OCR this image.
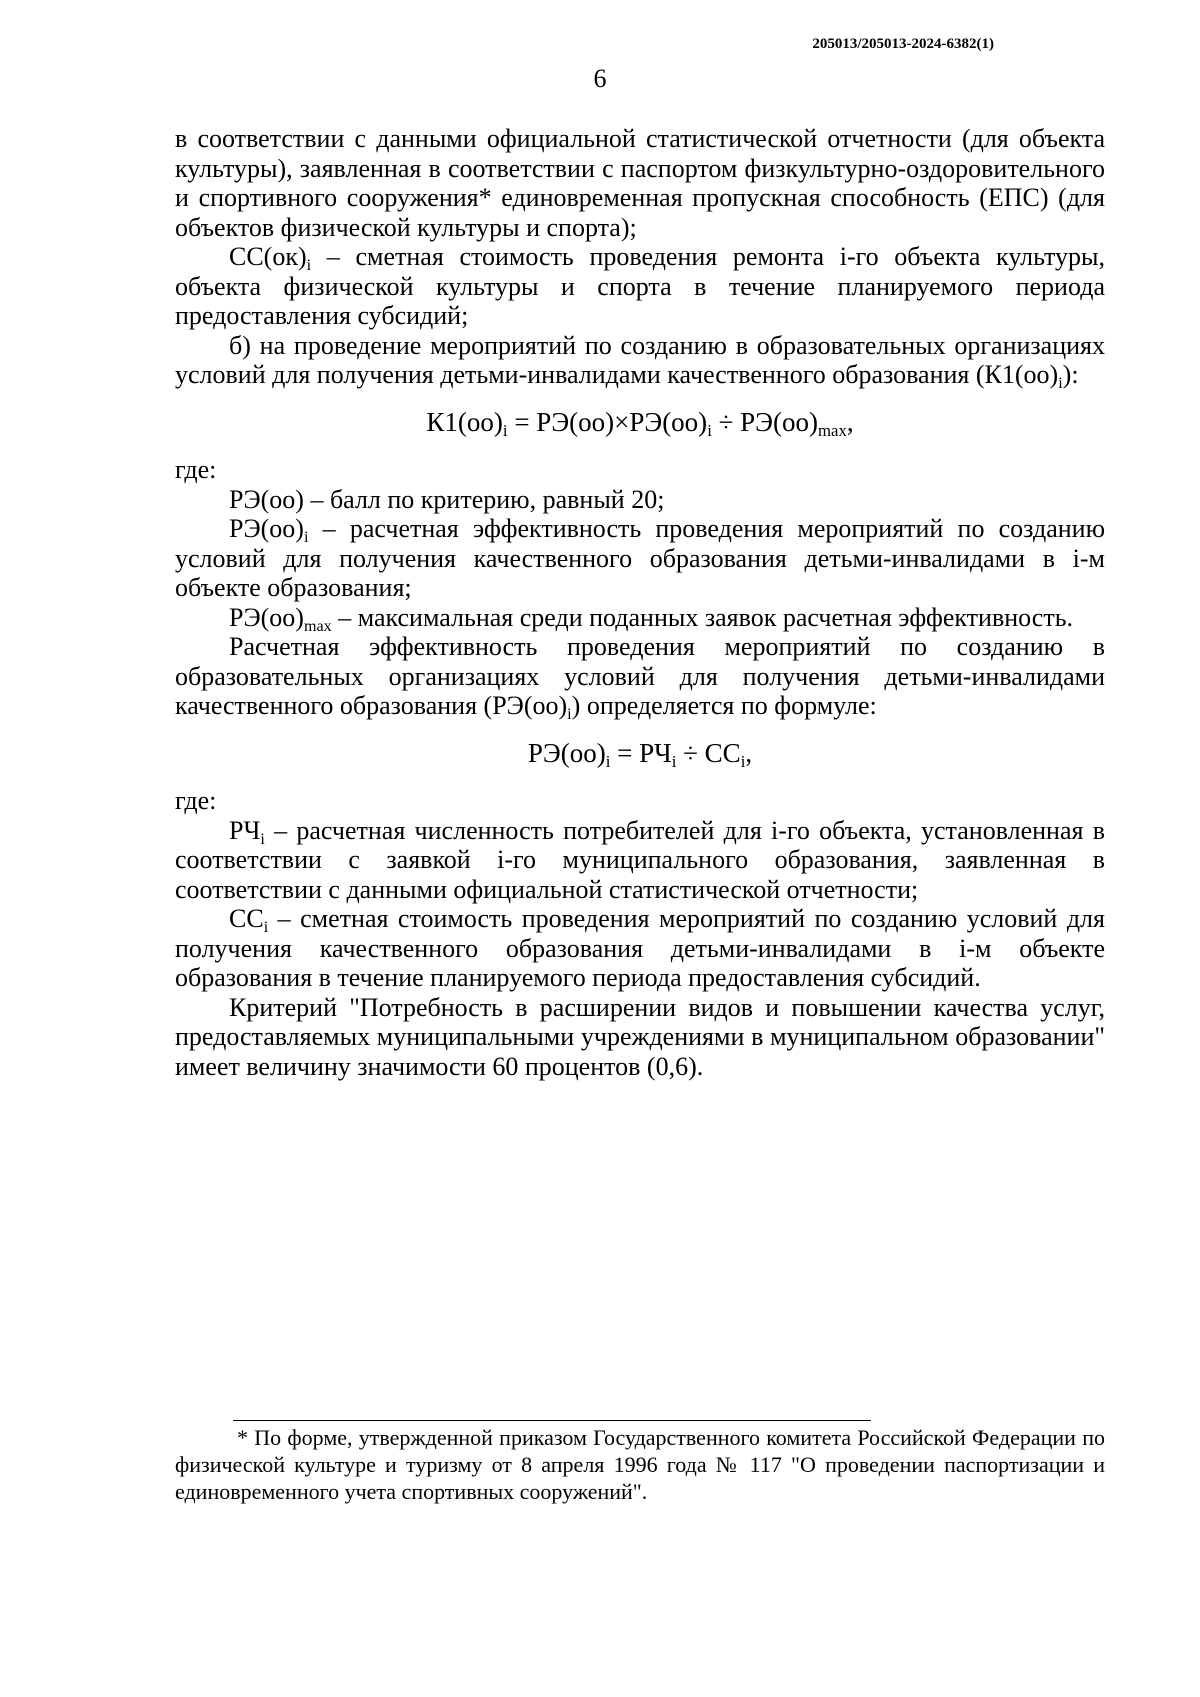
205013/205013-2024-6382(1)
6

в соответствии с данными официальной статистической отчетности (для объекта культуры), заявленная в соответствии с паспортом физкультурно-оздоровительного и спортивного сооружения* единовременная пропускная способность (ЕПС) (для объектов физической культуры и спорта);

$СС(ок)_i$ – сметная стоимость проведения ремонта i-го объекта культуры, объекта физической культуры и спорта в течение планируемого периода предоставления субсидий;

б) на проведение мероприятий по созданию в образовательных организациях условий для получения детьми-инвалидами качественного образования $(К1(оо)_i)$:

$К1(оо)_i = РЭ(оо)\times РЭ(оо)_i \div РЭ(оо)_{max}$,

где:

РЭ(оо) – балл по критерию, равный 20;

$РЭ(оо)_i$ – расчетная эффективность проведения мероприятий по созданию условий для получения качественного образования детьми-инвалидами в i-м объекте образования;

$РЭ(оо)_{max}$ – максимальная среди поданных заявок расчетная эффективность.

Расчетная эффективность проведения мероприятий по созданию в образовательных организациях условий для получения детьми-инвалидами качественного образования $(РЭ(оо)_i)$ определяется по формуле:

$РЭ(оо)_i = РЧ_i \div СС_i$,

где:

$РЧ_i$ – расчетная численность потребителей для i-го объекта, установленная в соответствии с заявкой i-го муниципального образования, заявленная в соответствии с данными официальной статистической отчетности;

$СС_i$ – сметная стоимость проведения мероприятий по созданию условий для получения качественного образования детьми-инвалидами в i-м объекте образования в течение планируемого периода предоставления субсидий.

Критерий "Потребность в расширении видов и повышении качества услуг, предоставляемых муниципальными учреждениями в муниципальном образовании" имеет величину значимости 60 процентов (0,6).

* По форме, утвержденной приказом Государственного комитета Российской Федерации по физической культуре и туризму от 8 апреля 1996 года № 117 "О проведении паспортизации и единовременного учета спортивных сооружений".
